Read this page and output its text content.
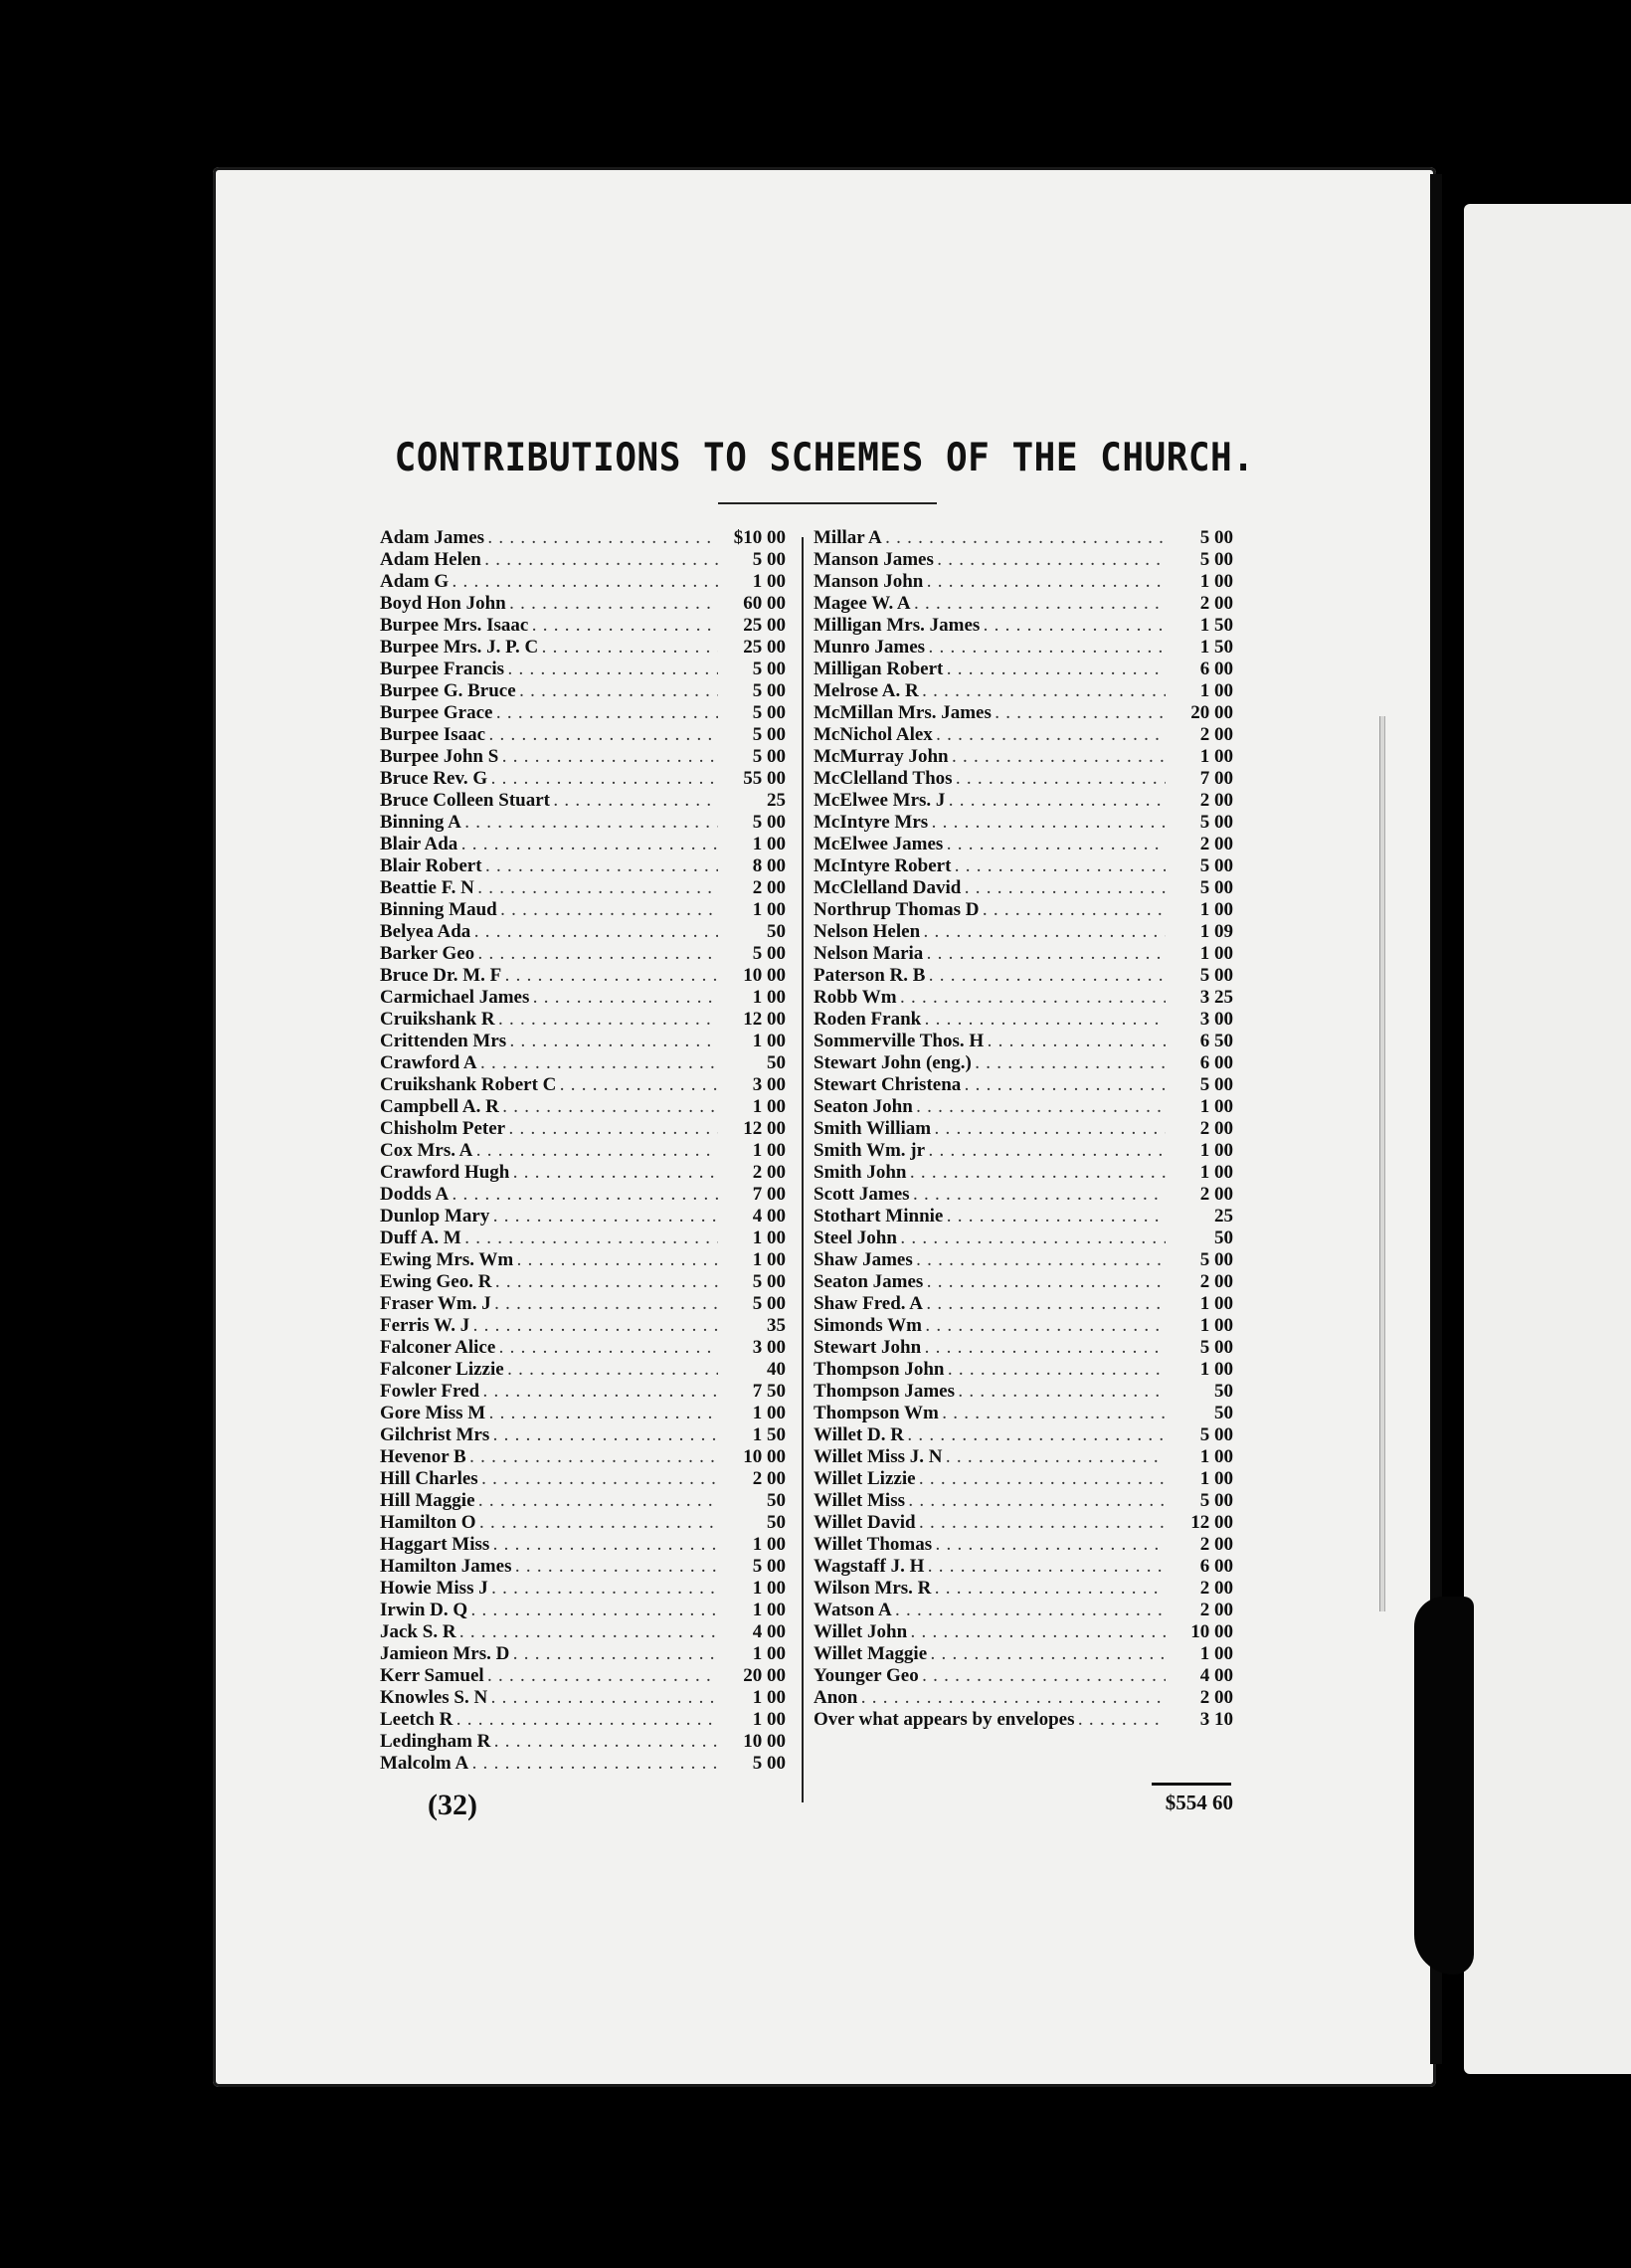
CONTRIBUTIONS TO SCHEMES OF THE CHURCH.
Adam James . . .	$10 00
Adam Helen . . .	5 00
Adam G . . .	1 00
Boyd Hon John . . .	60 00
Burpee Mrs. Isaac . . .	25 00
Burpee Mrs. J. P. C . . .	25 00
Burpee Francis . . .	5 00
Burpee G. Bruce . . .	5 00
Burpee Grace . . .	5 00
Burpee Isaac . . .	5 00
Burpee John S . . .	5 00
Bruce Rev. G . . .	55 00
Bruce Colleen Stuart . . .	25
Binning A . . .	5 00
Blair Ada . . .	1 00
Blair Robert . . .	8 00
Beattie F. N . . .	2 00
Binning Maud . . .	1 00
Belyea Ada . . .	50
Barker Geo . . .	5 00
Bruce Dr. M. F . . .	10 00
Carmichael James . . .	1 00
Cruikshank R . . .	12 00
Crittenden Mrs . . .	1 00
Crawford A . . .	50
Cruikshank Robert C . . .	3 00
Campbell A. R . . .	1 00
Chisholm Peter . . .	12 00
Cox Mrs. A . . .	1 00
Crawford Hugh . . .	2 00
Dodds A . . .	7 00
Dunlop Mary . . .	4 00
Duff A. M . . .	1 00
Ewing Mrs. Wm . . .	1 00
Ewing Geo. R . . .	5 00
Fraser Wm. J . . .	5 00
Ferris W. J . . .	35
Falconer Alice . . .	3 00
Falconer Lizzie . . .	40
Fowler Fred . . .	7 50
Gore Miss M . . .	1 00
Gilchrist Mrs . . .	1 50
Hevenor B . . .	10 00
Hill Charles . . .	2 00
Hill Maggie . . .	50
Hamilton O . . .	50
Haggart Miss . . .	1 00
Hamilton James . . .	5 00
Howie Miss J . . .	1 00
Irwin D. Q . . .	1 00
Jack S. R . . .	4 00
Jamieon Mrs. D . . .	1 00
Kerr Samuel . . .	20 00
Knowles S. N . . .	1 00
Leetch R . . .	1 00
Ledingham R . . .	10 00
Malcolm A . . .	5 00
Millar A . . .	5 00
Manson James . . .	5 00
Manson John . . .	1 00
Magee W. A . . .	2 00
Milligan Mrs. James . . .	1 50
Munro James . . .	1 50
Milligan Robert . . .	6 00
Melrose A. R . . .	1 00
McMillan Mrs. James . . .	20 00
McNichol Alex . . .	2 00
McMurray John . . .	1 00
McClelland Thos . . .	7 00
McElwee Mrs. J . . .	2 00
McIntyre Mrs . . .	5 00
McElwee James . . .	2 00
McIntyre Robert . . .	5 00
McClelland David . . .	5 00
Northrup Thomas D . . .	1 00
Nelson Helen . . .	1 09
Nelson Maria . . .	1 00
Paterson R. B . . .	5 00
Robb Wm . . .	3 25
Roden Frank . . .	3 00
Sommerville Thos. H . . .	6 50
Stewart John (eng.) . . .	6 00
Stewart Christena . . .	5 00
Seaton John . . .	1 00
Smith William . . .	2 00
Smith Wm. jr . . .	1 00
Smith John . . .	1 00
Scott James . . .	2 00
Stothart Minnie . . .	25
Steel John . . .	50
Shaw James . . .	5 00
Seaton James . . .	2 00
Shaw Fred. A . . .	1 00
Simonds Wm . . .	1 00
Stewart John . . .	5 00
Thompson John . . .	1 00
Thompson James . . .	50
Thompson Wm . . .	50
Willet D. R . . .	5 00
Willet Miss J. N . . .	1 00
Willet Lizzie . . .	1 00
Willet Miss . . .	5 00
Willet David . . .	12 00
Willet Thomas . . .	2 00
Wagstaff J. H . . .	6 00
Wilson Mrs. R . . .	2 00
Watson A . . .	2 00
Willet John . . .	10 00
Willet Maggie . . .	1 00
Younger Geo . . .	4 00
Anon . . .	2 00
Over what appears by envelopes . . .	3 10
$554 60
(32)
